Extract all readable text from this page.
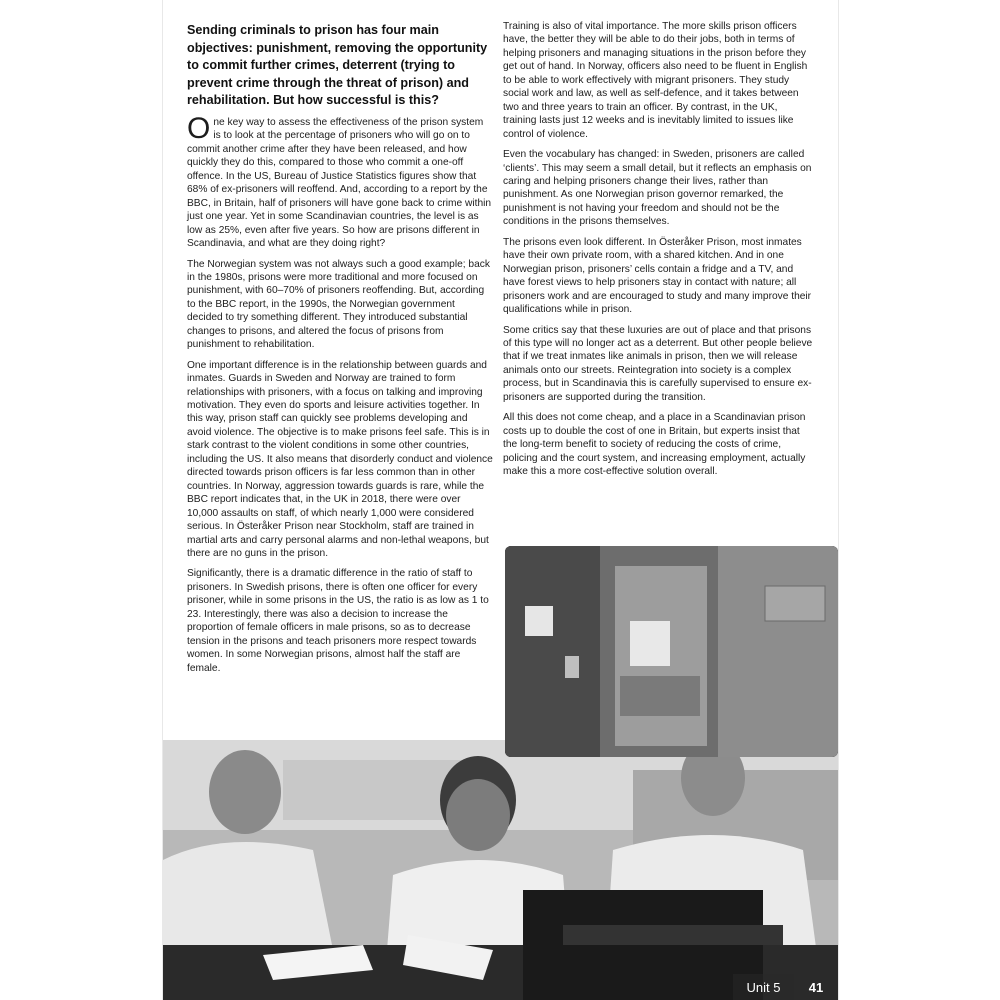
Sending criminals to prison has four main objectives: punishment, removing the opportunity to commit further crimes, deterrent (trying to prevent crime through the threat of prison) and rehabilitation. But how successful is this?

One key way to assess the effectiveness of the prison system is to look at the percentage of prisoners who will go on to commit another crime after they have been released, and how quickly they do this, compared to those who commit a one-off offence. In the US, Bureau of Justice Statistics figures show that 68% of ex-prisoners will reoffend. And, according to a report by the BBC, in Britain, half of prisoners will have gone back to crime within just one year. Yet in some Scandinavian countries, the level is as low as 25%, even after five years. So how are prisons different in Scandinavia, and what are they doing right?

The Norwegian system was not always such a good example; back in the 1980s, prisons were more traditional and more focused on punishment, with 60–70% of prisoners reoffending. But, according to the BBC report, in the 1990s, the Norwegian government decided to try something different. They introduced substantial changes to prisons, and altered the focus of prisons from punishment to rehabilitation.

One important difference is in the relationship between guards and inmates. Guards in Sweden and Norway are trained to form relationships with prisoners, with a focus on talking and improving motivation. They even do sports and leisure activities together. In this way, prison staff can quickly see problems developing and avoid violence. The objective is to make prisons feel safe. This is in stark contrast to the violent conditions in some other countries, including the US. It also means that disorderly conduct and violence directed towards prison officers is far less common than in other countries. In Norway, aggression towards guards is rare, while the BBC report indicates that, in the UK in 2018, there were over 10,000 assaults on staff, of which nearly 1,000 were considered serious. In Österåker Prison near Stockholm, staff are trained in martial arts and carry personal alarms and non-lethal weapons, but there are no guns in the prison.

Significantly, there is a dramatic difference in the ratio of staff to prisoners. In Swedish prisons, there is often one officer for every prisoner, while in some prisons in the US, the ratio is as low as 1 to 23. Interestingly, there was also a decision to increase the proportion of female officers in male prisons, so as to decrease tension in the prisons and teach prisoners more respect towards women. In some Norwegian prisons, almost half the staff are female.

Training is also of vital importance. The more skills prison officers have, the better they will be able to do their jobs, both in terms of helping prisoners and managing situations in the prison before they get out of hand. In Norway, officers also need to be fluent in English to be able to work effectively with migrant prisoners. They study social work and law, as well as self-defence, and it takes between two and three years to train an officer. By contrast, in the UK, training lasts just 12 weeks and is inevitably limited to issues like control of violence.

Even the vocabulary has changed: in Sweden, prisoners are called ‘clients’. This may seem a small detail, but it reflects an emphasis on caring and helping prisoners change their lives, rather than punishment. As one Norwegian prison governor remarked, the punishment is not having your freedom and should not be the conditions in the prisons themselves.

The prisons even look different. In Österåker Prison, most inmates have their own private room, with a shared kitchen. And in one Norwegian prison, prisoners’ cells contain a fridge and a TV, and have forest views to help prisoners stay in contact with nature; all prisoners work and are encouraged to study and many improve their qualifications while in prison.

Some critics say that these luxuries are out of place and that prisons of this type will no longer act as a deterrent. But other people believe that if we treat inmates like animals in prison, then we will release animals onto our streets. Reintegration into society is a complex process, but in Scandinavia this is carefully supervised to ensure ex-prisoners are supported during the transition.

All this does not come cheap, and a place in a Scandinavian prison costs up to double the cost of one in Britain, but experts insist that the long-term benefit to society of reducing the costs of crime, policing and the court system, and increasing employment, actually make this a more cost-effective solution overall.

Unit 5	41
